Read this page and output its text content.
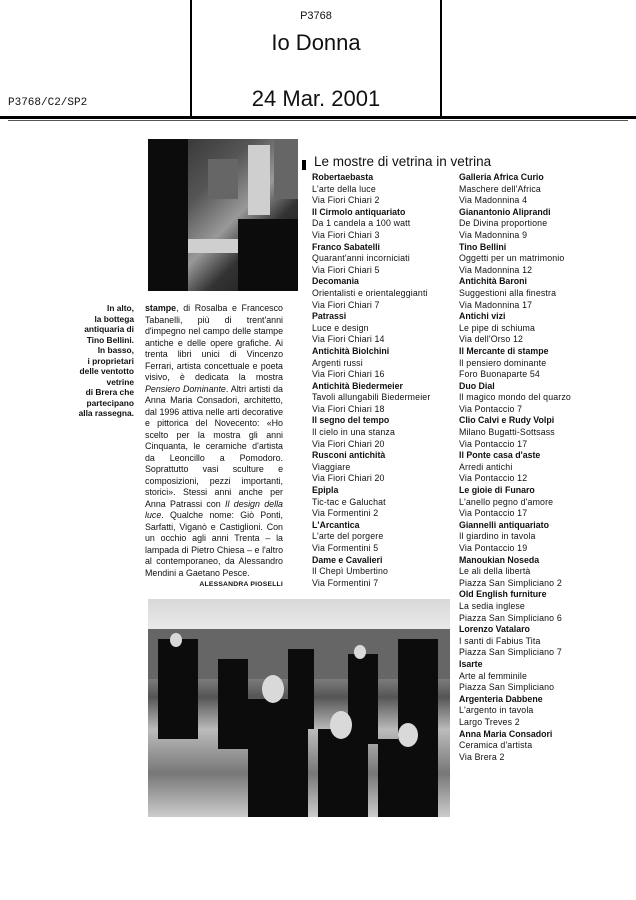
P3768
Io Donna
24 Mar. 2001
P3768/C2/SP2
Le mostre di vetrina in vetrina
In alto,
la bottega
antiquaria di
Tino Bellini.
In basso,
i proprietari
delle ventotto
vetrine
di Brera che
partecipano
alla rassegna.
stampe, di Rosalba e Francesco Tabanelli, più di trent'anni d'impegno nel campo delle stampe antiche e delle opere grafiche. Ai trenta libri unici di Vincenzo Ferrari, artista concettuale e poeta visivo, è dedicata la mostra Pensiero Dominante. Altri artisti da Anna Maria Consadori, architetto, dal 1996 attiva nelle arti decorative e pittorica del Novecento: «Ho scelto per la mostra gli anni Cinquanta, le ceramiche d'artista da Leoncillo a Pomodoro. Soprattutto vasi sculture e composizioni, pezzi importanti, storici». Stessi anni anche per Anna Patrassi con Il design della luce. Qualche nome: Giò Ponti, Sarfatti, Viganò e Castiglioni. Con un occhio agli anni Trenta – la lampada di Pietro Chiesa – e l'altro al contemporaneo, da Alessandro Mendini a Gaetano Pesce.
ALESSANDRA PIOSELLI
Robertaebasta
L'arte della luce
Via Fiori Chiari 2
Il Cirmolo antiquariato
Da 1 candela a 100 watt
Via Fiori Chiari 3
Franco Sabatelli
Quarant'anni incorniciati
Via Fiori Chiari 5
Decomania
Orientalisti e orientaleggianti
Via Fiori Chiari 7
Patrassi
Luce e design
Via Fiori Chiari 14
Antichità Biolchini
Argenti russi
Via Fiori Chiari 16
Antichità Biedermeier
Tavoli allungabili Biedermeier
Via Fiori Chiari 18
Il segno del tempo
Il cielo in una stanza
Via Fiori Chiari 20
Rusconi antichità
Viaggiare
Via Fiori Chiari 20
Epipla
Tic-tac e Galuchat
Via Formentini 2
L'Arcantica
L'arte del porgere
Via Formentini 5
Dame e Cavalieri
Il Chepì Umbertino
Via Formentini 7
Galleria Africa Curio
Maschere dell'Africa
Via Madonnina 4
Gianantonio Aliprandi
De Divina proportione
Via Madonnina 9
Tino Bellini
Oggetti per un matrimonio
Via Madonnina 12
Antichità Baroni
Suggestioni alla finestra
Via Madonnina 17
Antichi vizi
Le pipe di schiuma
Via dell'Orso 12
Il Mercante di stampe
Il pensiero dominante
Foro Buonaparte 54
Duo Dial
Il magico mondo del quarzo
Via Pontaccio 7
Clio Calvi e Rudy Volpi
Milano Bugatti-Sottsass
Via Pontaccio 17
Il Ponte casa d'aste
Arredi antichi
Via Pontaccio 12
Le gioie di Funaro
L'anello pegno d'amore
Via Pontaccio 17
Giannelli antiquariato
Il giardino in tavola
Via Pontaccio 19
Manoukian Noseda
Le ali della libertà
Piazza San Simpliciano 2
Old English furniture
La sedia inglese
Piazza San Simpliciano 6
Lorenzo Vatalaro
I santi di Fabius Tita
Piazza San Simpliciano 7
Isarte
Arte al femminile
Piazza San Simpliciano
Argenteria Dabbene
L'argento in tavola
Largo Treves 2
Anna Maria Consadori
Ceramica d'artista
Via Brera 2
